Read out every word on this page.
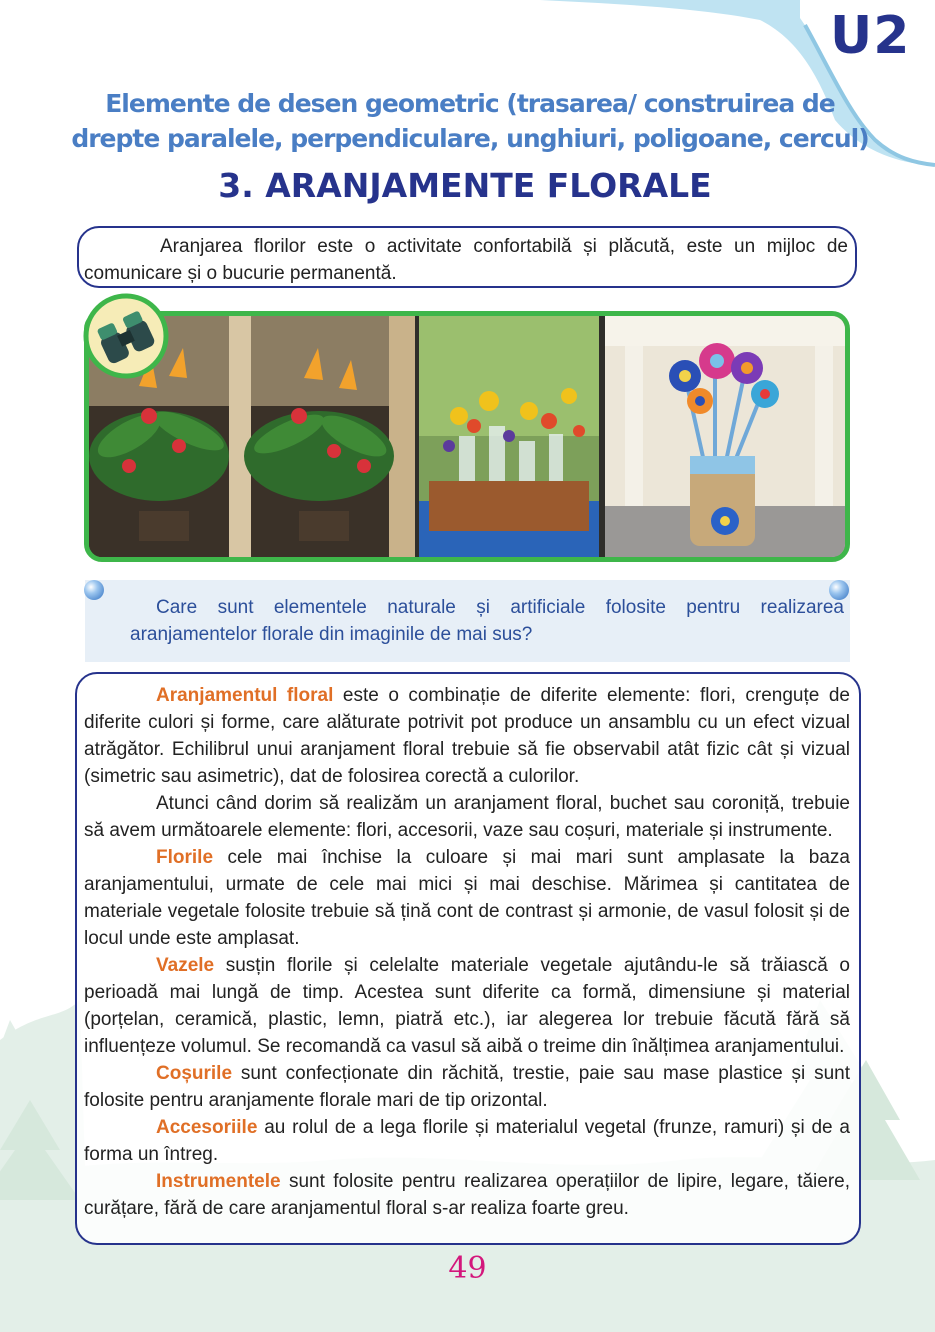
U2
Elemente de desen geometric (trasarea/ construirea de
drepte paralele, perpendiculare, unghiuri, poligoane, cercul)
3. ARANJAMENTE FLORALE
Aranjarea florilor este o activitate confortabilă și plăcută, este un mijloc de comunicare și o bucurie permanentă.
Care sunt elementele naturale și artificiale folosite pentru realizarea aranjamentelor florale din imaginile de mai sus?

Aranjamentul floral este o combinație de diferite elemente: flori, crenguțe de diferite culori și forme, care alăturate potrivit pot produce un ansamblu cu un efect vizual atrăgător. Echilibrul unui aranjament floral trebuie să fie observabil atât fizic cât și vizual (simetric sau asimetric), dat de folosirea corectă a culorilor.

Atunci când dorim să realizăm un aranjament floral, buchet sau coroniță, trebuie să avem următoarele elemente: flori, accesorii, vaze sau coșuri, materiale și instrumente.

Florile cele mai închise la culoare și mai mari sunt amplasate la baza aranjamentului, urmate de cele mai mici și mai deschise. Mărimea și cantitatea de materiale vegetale folosite trebuie să țină cont de contrast și armonie, de vasul folosit și de locul unde este amplasat.

Vazele susțin florile și celelalte materiale vegetale ajutându-le să trăiască o perioadă mai lungă de timp. Acestea sunt diferite ca formă, dimensiune și material (porțelan, ceramică, plastic, lemn, piatră etc.), iar alegerea lor trebuie făcută fără să influențeze volumul. Se recomandă ca vasul să aibă o treime din înălțimea aranjamentului.

Coșurile sunt confecționate din răchită, trestie, paie sau mase plastice și sunt folosite pentru aranjamente florale mari de tip orizontal.

Accesoriile au rolul de a lega florile și materialul vegetal (frunze, ramuri) și de a forma un întreg.

Instrumentele sunt folosite pentru realizarea operațiilor de lipire, legare, tăiere, curățare, fără de care aranjamentul floral s-ar realiza foarte greu.

49
